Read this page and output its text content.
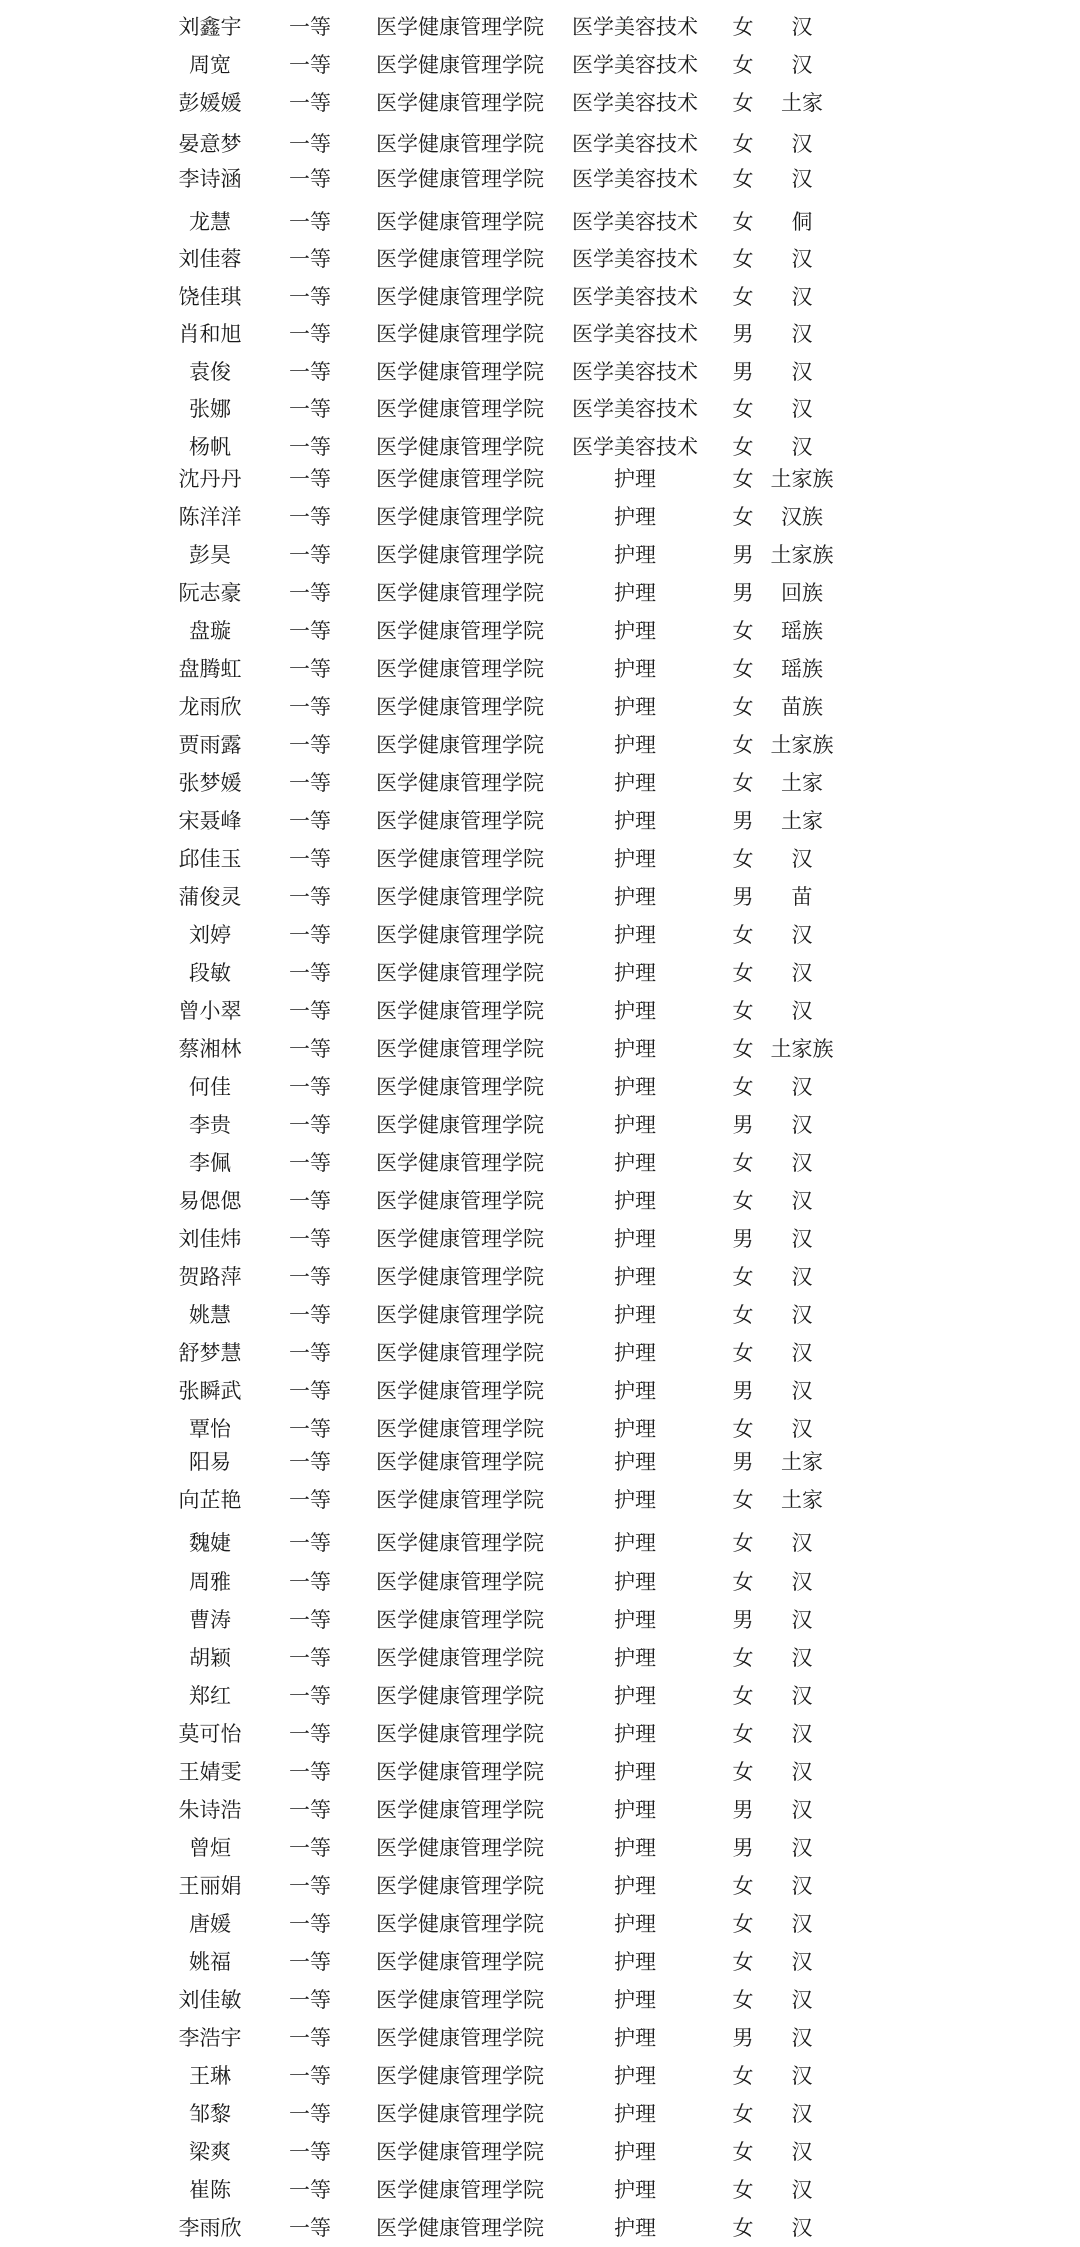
刘鑫宇	一等	医学健康管理学院	医学美容技术	女	汉
周宽	一等	医学健康管理学院	医学美容技术	女	汉
彭媛媛	一等	医学健康管理学院	医学美容技术	女	土家
晏意梦	一等	医学健康管理学院	医学美容技术	女	汉
李诗涵	一等	医学健康管理学院	医学美容技术	女	汉
龙慧	一等	医学健康管理学院	医学美容技术	女	侗
刘佳蓉	一等	医学健康管理学院	医学美容技术	女	汉
饶佳琪	一等	医学健康管理学院	医学美容技术	女	汉
肖和旭	一等	医学健康管理学院	医学美容技术	男	汉
袁俊	一等	医学健康管理学院	医学美容技术	男	汉
张娜	一等	医学健康管理学院	医学美容技术	女	汉
杨帆	一等	医学健康管理学院	医学美容技术	女	汉
沈丹丹	一等	医学健康管理学院	护理	女 土家族
陈洋洋	一等	医学健康管理学院	护理	女	汉族
彭昊	一等	医学健康管理学院	护理	男 土家族
阮志豪	一等	医学健康管理学院	护理	男	回族
盘璇	一等	医学健康管理学院	护理	女	瑶族
盘腾虹	一等	医学健康管理学院	护理	女	瑶族
龙雨欣	一等	医学健康管理学院	护理	女	苗族
贾雨露	一等	医学健康管理学院	护理	女 土家族
张梦媛	一等	医学健康管理学院	护理	女	土家
宋聂峰	一等	医学健康管理学院	护理	男	土家
邱佳玉	一等	医学健康管理学院	护理	女	汉
蒲俊灵	一等	医学健康管理学院	护理	男	苗
刘婷	一等	医学健康管理学院	护理	女	汉
段敏	一等	医学健康管理学院	护理	女	汉
曾小翠	一等	医学健康管理学院	护理	女	汉
蔡湘林	一等	医学健康管理学院	护理	女 土家族
何佳	一等	医学健康管理学院	护理	女	汉
李贵	一等	医学健康管理学院	护理	男	汉
李佩	一等	医学健康管理学院	护理	女	汉
易偲偲	一等	医学健康管理学院	护理	女	汉
刘佳炜	一等	医学健康管理学院	护理	男	汉
贺路萍	一等	医学健康管理学院	护理	女	汉
姚慧	一等	医学健康管理学院	护理	女	汉
舒梦慧	一等	医学健康管理学院	护理	女	汉
张瞬武	一等	医学健康管理学院	护理	男	汉
覃怡	一等	医学健康管理学院	护理	女	汉
阳易	一等	医学健康管理学院	护理	男	土家
向芷艳	一等	医学健康管理学院	护理	女	土家
魏婕	一等	医学健康管理学院	护理	女	汉
周雅	一等	医学健康管理学院	护理	女	汉
曹涛	一等	医学健康管理学院	护理	男	汉
胡颖	一等	医学健康管理学院	护理	女	汉
郑红	一等	医学健康管理学院	护理	女	汉
莫可怡	一等	医学健康管理学院	护理	女	汉
王婧雯	一等	医学健康管理学院	护理	女	汉
朱诗浩	一等	医学健康管理学院	护理	男	汉
曾烜	一等	医学健康管理学院	护理	男	汉
王丽娟	一等	医学健康管理学院	护理	女	汉
唐媛	一等	医学健康管理学院	护理	女	汉
姚福	一等	医学健康管理学院	护理	女	汉
刘佳敏	一等	医学健康管理学院	护理	女	汉
李浩宇	一等	医学健康管理学院	护理	男	汉
王琳	一等	医学健康管理学院	护理	女	汉
邹黎	一等	医学健康管理学院	护理	女	汉
梁爽	一等	医学健康管理学院	护理	女	汉
崔陈	一等	医学健康管理学院	护理	女	汉
李雨欣	一等	医学健康管理学院	护理	女	汉
